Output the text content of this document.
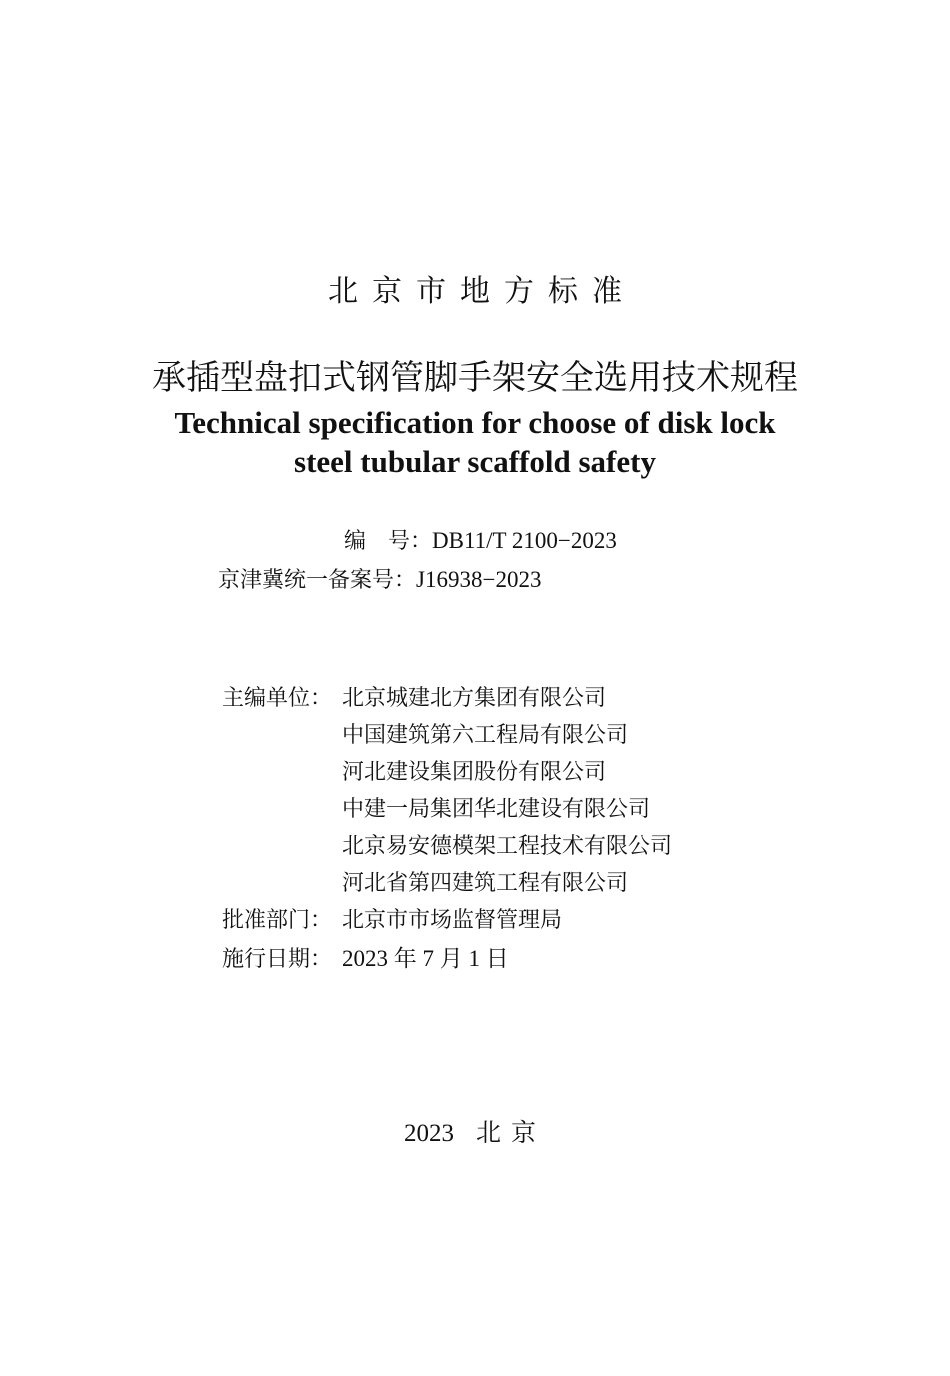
北京市地方标准
承插型盘扣式钢管脚手架安全选用技术规程
Technical specification for choose of disk lock
steel tubular scaffold safety
编　号：DB11/T 2100−2023
京津冀统一备案号：J16938−2023
主编单位： 北京城建北方集团有限公司
中国建筑第六工程局有限公司
河北建设集团股份有限公司
中建一局集团华北建设有限公司
北京易安德模架工程技术有限公司
河北省第四建筑工程有限公司
批准部门： 北京市市场监督管理局
施行日期： 2023 年 7 月 1 日
2023 北京
